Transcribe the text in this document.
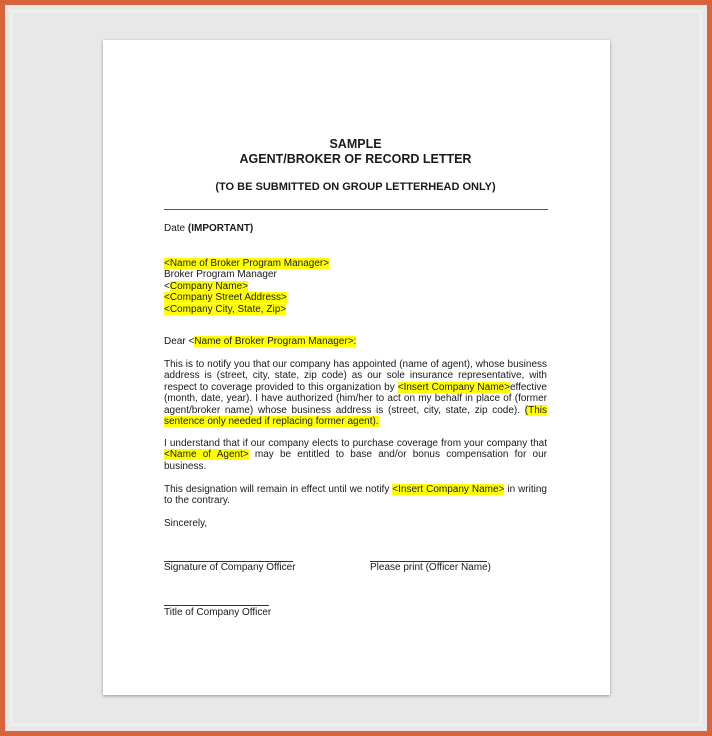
SAMPLE
AGENT/BROKER OF RECORD LETTER
(TO BE SUBMITTED ON GROUP LETTERHEAD ONLY)
Date (IMPORTANT)
<Name of Broker Program Manager>
Broker Program Manager
<Company Name>
<Company Street Address>
<Company City, State, Zip>
Dear <Name of Broker Program Manager>:
This is to notify you that our company has appointed (name of agent), whose business address is (street, city, state, zip code) as our sole insurance representative, with respect to coverage provided to this organization by <Insert Company Name>effective (month, date, year). I have authorized (him/her to act on my behalf in place of (former agent/broker name) whose business address is (street, city, state, zip code). (This sentence only needed if replacing former agent).
I understand that if our company elects to purchase coverage from your company that <Name of Agent> may be entitled to base and/or bonus compensation for our business.
This designation will remain in effect until we notify <Insert Company Name> in writing to the contrary.
Sincerely,
Signature of Company Officer	Please print (Officer Name)
Title of Company Officer
